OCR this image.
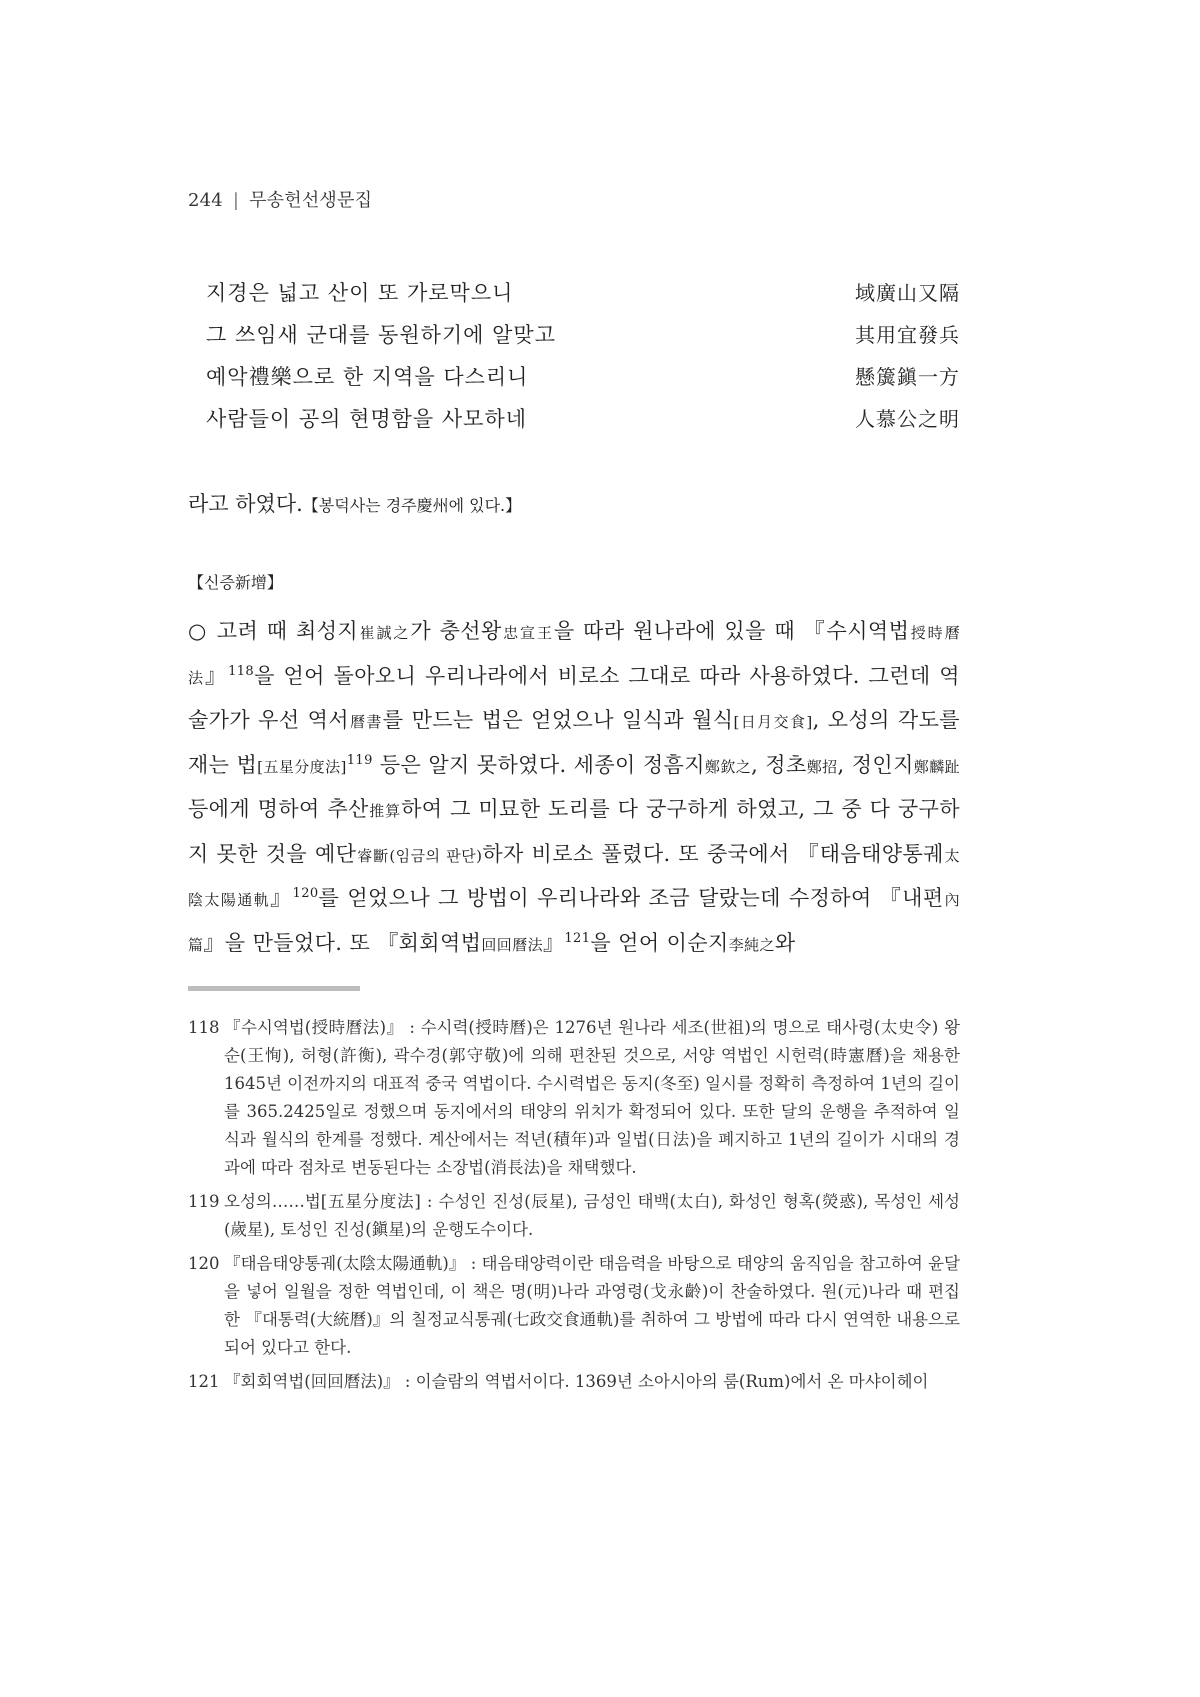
244 | 무송헌선생문집
지경은 넓고 산이 또 가로막으니	域廣山又隔
그 쓰임새 군대를 동원하기에 알맞고	其用宜發兵
예악禮樂으로 한 지역을 다스리니	懸簴鎭一方
사람들이 공의 현명함을 사모하네	人慕公之明
라고 하였다.【봉덕사는 경주慶州에 있다.】
【신증新增】

○ 고려 때 최성지崔誠之가 충선왕忠宣王을 따라 원나라에 있을 때 『수시역법授時曆法』$^{118}$을 얻어 돌아오니 우리나라에서 비로소 그대로 따라 사용하였다. 그런데 역술가가 우선 역서曆書를 만드는 법은 얻었으나 일식과 월식[日月交食], 오성의 각도를 재는 법[五星分度法]$^{119}$ 등은 알지 못하였다. 세종이 정흠지鄭欽之, 정초鄭招, 정인지鄭麟趾 등에게 명하여 추산推算하여 그 미묘한 도리를 다 궁구하게 하였고, 그 중 다 궁구하지 못한 것을 예단睿斷(임금의 판단)하자 비로소 풀렸다. 또 중국에서 『태음태양통궤太陰太陽通軌』$^{120}$를 얻었으나 그 방법이 우리나라와 조금 달랐는데 수정하여 『내편內篇』을 만들었다. 또 『회회역법回回曆法』$^{121}$을 얻어 이순지李純之와

118 『수시역법(授時曆法)』 : 수시력(授時曆)은 1276년 원나라 세조(世祖)의 명으로 태사령(太史令) 왕순(王恂), 허형(許衡), 곽수경(郭守敬)에 의해 편찬된 것으로, 서양 역법인 시헌력(時憲曆)을 채용한 1645년 이전까지의 대표적 중국 역법이다. 수시력법은 동지(冬至) 일시를 정확히 측정하여 1년의 길이를 365.2425일로 정했으며 동지에서의 태양의 위치가 확정되어 있다. 또한 달의 운행을 추적하여 일식과 월식의 한계를 정했다. 계산에서는 적년(積年)과 일법(日法)을 폐지하고 1년의 길이가 시대의 경과에 따라 점차로 변동된다는 소장법(消長法)을 채택했다.
119 오성의……법[五星分度法] : 수성인 진성(辰星), 금성인 태백(太白), 화성인 형혹(熒惑), 목성인 세성(歲星), 토성인 진성(鎭星)의 운행도수이다.
120 『태음태양통궤(太陰太陽通軌)』 : 태음태양력이란 태음력을 바탕으로 태양의 움직임을 참고하여 윤달을 넣어 일월을 정한 역법인데, 이 책은 명(明)나라 과영령(戈永齡)이 찬술하였다. 원(元)나라 때 편집한 『대통력(大統曆)』의 칠정교식통궤(七政交食通軌)를 취하여 그 방법에 따라 다시 연역한 내용으로 되어 있다고 한다.
121 『회회역법(回回曆法)』 : 이슬람의 역법서이다. 1369년 소아시아의 룸(Rum)에서 온 마샤이헤이
